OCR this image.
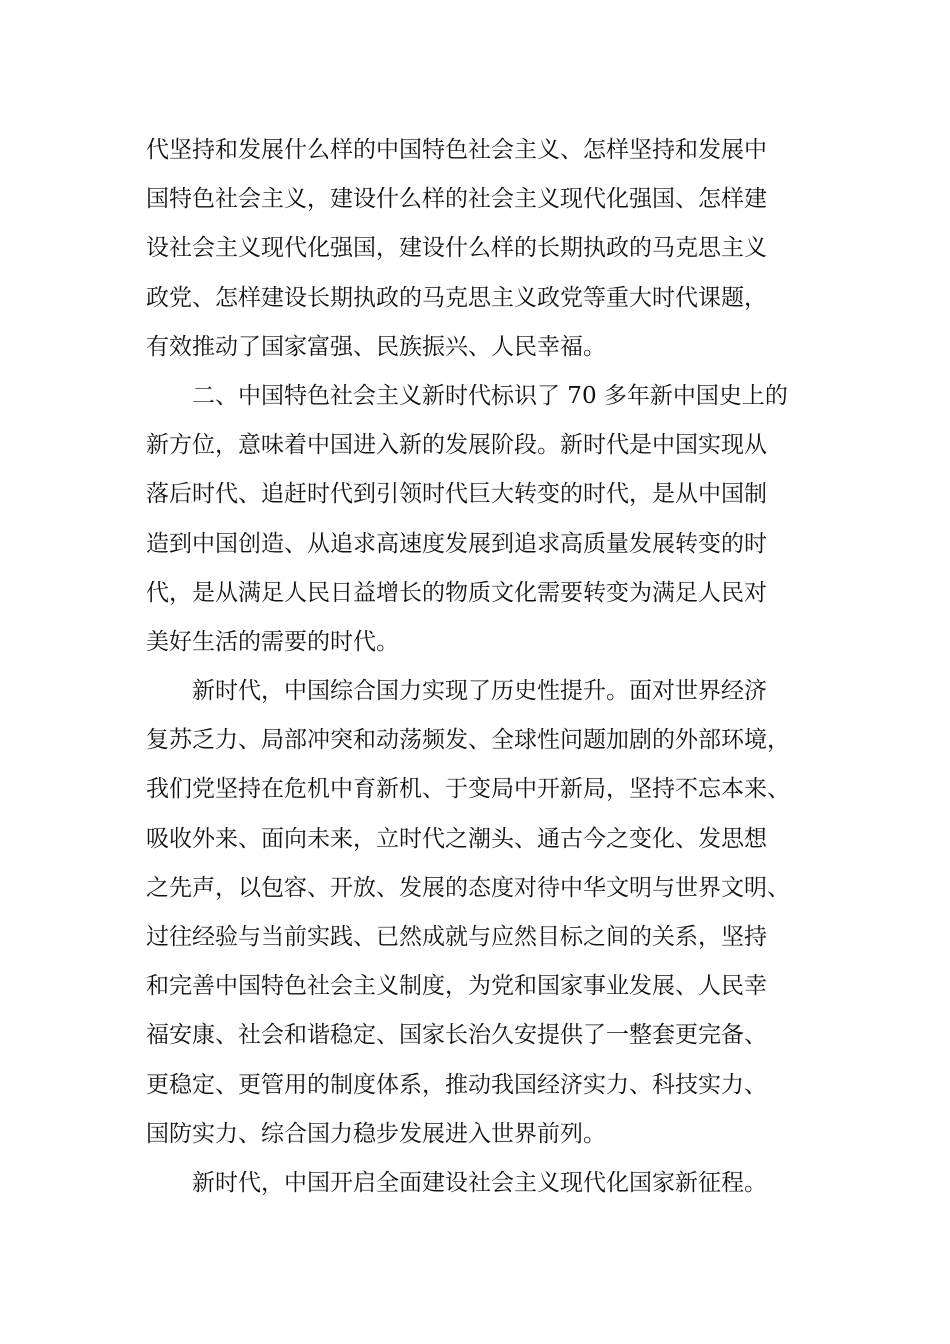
代坚持和发展什么样的中国特色社会主义、怎样坚持和发展中
国特色社会主义，建设什么样的社会主义现代化强国、怎样建
设社会主义现代化强国，建设什么样的长期执政的马克思主义
政党、怎样建设长期执政的马克思主义政党等重大时代课题，
有效推动了国家富强、民族振兴、人民幸福。
二、中国特色社会主义新时代标识了 70 多年新中国史上的
新方位，意味着中国进入新的发展阶段。新时代是中国实现从
落后时代、追赶时代到引领时代巨大转变的时代，是从中国制
造到中国创造、从追求高速度发展到追求高质量发展转变的时
代，是从满足人民日益增长的物质文化需要转变为满足人民对
美好生活的需要的时代。
新时代，中国综合国力实现了历史性提升。面对世界经济
复苏乏力、局部冲突和动荡频发、全球性问题加剧的外部环境，
我们党坚持在危机中育新机、于变局中开新局，坚持不忘本来、
吸收外来、面向未来，立时代之潮头、通古今之变化、发思想
之先声，以包容、开放、发展的态度对待中华文明与世界文明、
过往经验与当前实践、已然成就与应然目标之间的关系，坚持
和完善中国特色社会主义制度，为党和国家事业发展、人民幸
福安康、社会和谐稳定、国家长治久安提供了一整套更完备、
更稳定、更管用的制度体系，推动我国经济实力、科技实力、
国防实力、综合国力稳步发展进入世界前列。
新时代，中国开启全面建设社会主义现代化国家新征程。
